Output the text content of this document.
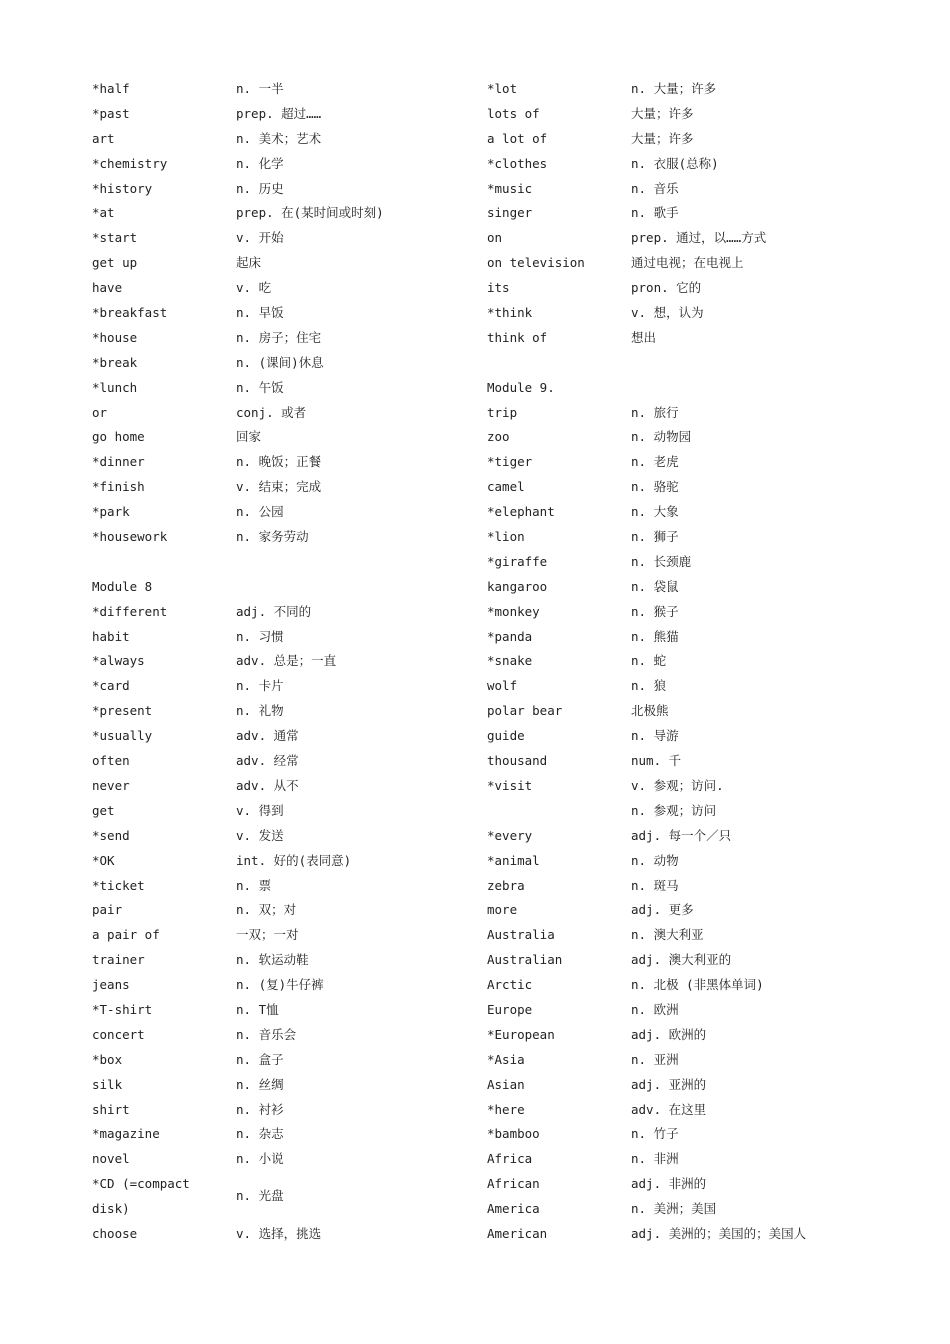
*half	n. 一半
*past	prep. 超过……
art	n. 美术；艺术
*chemistry	n. 化学
*history	n. 历史
*at	prep. 在(某时间或时刻)
*start	v. 开始
get up	起床
have	v. 吃
*breakfast	n. 早饭
*house	n. 房子；住宅
*break	n. (课间)休息
*lunch	n. 午饭
or	conj. 或者
go home	回家
*dinner	n. 晚饭；正餐
*finish	v. 结束；完成
*park	n. 公园
*housework	n. 家务劳动
Module 8
*different	adj. 不同的
habit	n. 习惯
*always	adv. 总是；一直
*card	n. 卡片
*present	n. 礼物
*usually	adv. 通常
often	adv. 经常
never	adv. 从不
get	v. 得到
*send	v. 发送
*OK	int. 好的(表同意)
*ticket	n. 票
pair	n. 双；对
a pair of	一双；一对
trainer	n. 软运动鞋
jeans	n. (复)牛仔裤
*T-shirt	n. T恤
concert	n. 音乐会
*box	n. 盒子
silk	n. 丝绸
shirt	n. 衬衫
*magazine	n. 杂志
novel	n. 小说
*CD (=compact disk)
n. 光盘
choose	v. 选择，挑选
*lot	n. 大量；许多
lots of	大量；许多
a lot of	大量；许多
*clothes	n. 衣服(总称)
*music	n. 音乐
singer	n. 歌手
on	prep. 通过，以……方式
on television	通过电视；在电视上
its	pron. 它的
*think	v. 想，认为
think of	想出
Module 9.
trip	n. 旅行
zoo	n. 动物园
*tiger	n. 老虎
camel	n. 骆驼
*elephant	n. 大象
*lion	n. 狮子
*giraffe	n. 长颈鹿
kangaroo	n. 袋鼠
*monkey	n. 猴子
*panda	n. 熊猫
*snake	n. 蛇
wolf	n. 狼
polar bear	北极熊
guide	n. 导游
thousand	num. 千
*visit	v. 参观；访问.
n. 参观；访问
*every	adj. 每一个／只
*animal	n. 动物
zebra	n. 斑马
more	adj. 更多
Australia	n. 澳大利亚
Australian	adj. 澳大利亚的
Arctic	n. 北极 (非黑体单词)
Europe	n. 欧洲
*European	adj. 欧洲的
*Asia	n. 亚洲
Asian	adj. 亚洲的
*here	adv. 在这里
*bamboo	n. 竹子
Africa	n. 非洲
African	adj. 非洲的
America	n. 美洲；美国
American	adj. 美洲的；美国的；美国人
